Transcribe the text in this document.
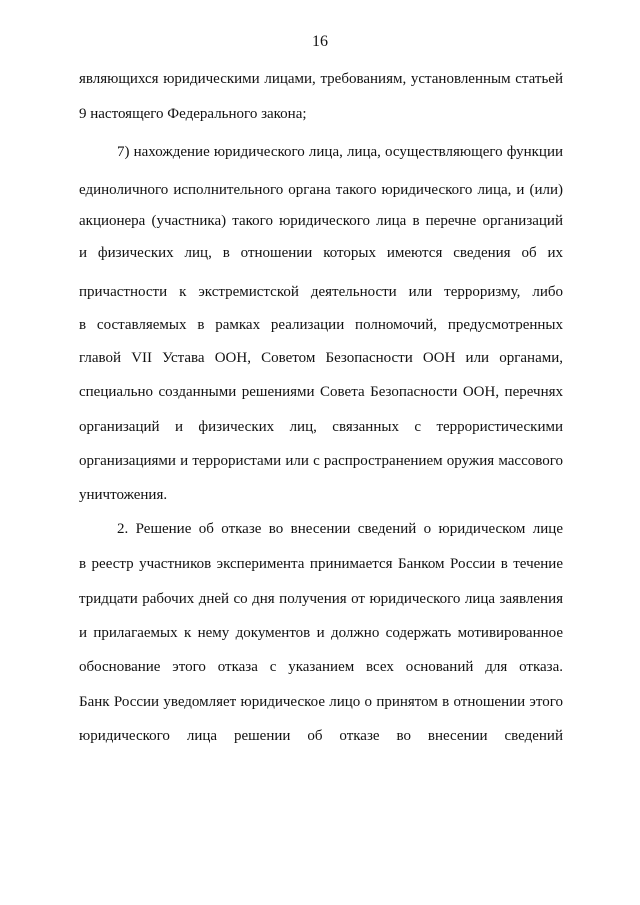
16
являющихся юридическими лицами, требованиям, установленным статьей
9 настоящего Федерального закона;
7) нахождение юридического лица, лица, осуществляющего функции
единоличного исполнительного органа такого юридического лица, и (или)
акционера (участника) такого юридического лица в перечне организаций
и физических лиц, в отношении которых имеются сведения об их
причастности к экстремистской деятельности или терроризму, либо
в составляемых в рамках реализации полномочий, предусмотренных
главой VII Устава ООН, Советом Безопасности ООН или органами,
специально созданными решениями Совета Безопасности ООН, перечнях
организаций и физических лиц, связанных с террористическими
организациями и террористами или с распространением оружия массового
уничтожения.
2. Решение об отказе во внесении сведений о юридическом лице
в реестр участников эксперимента принимается Банком России в течение
тридцати рабочих дней со дня получения от юридического лица заявления
и прилагаемых к нему документов и должно содержать мотивированное
обоснование этого отказа с указанием всех оснований для отказа.
Банк России уведомляет юридическое лицо о принятом в отношении этого
юридического лица решении об отказе во внесении сведений
